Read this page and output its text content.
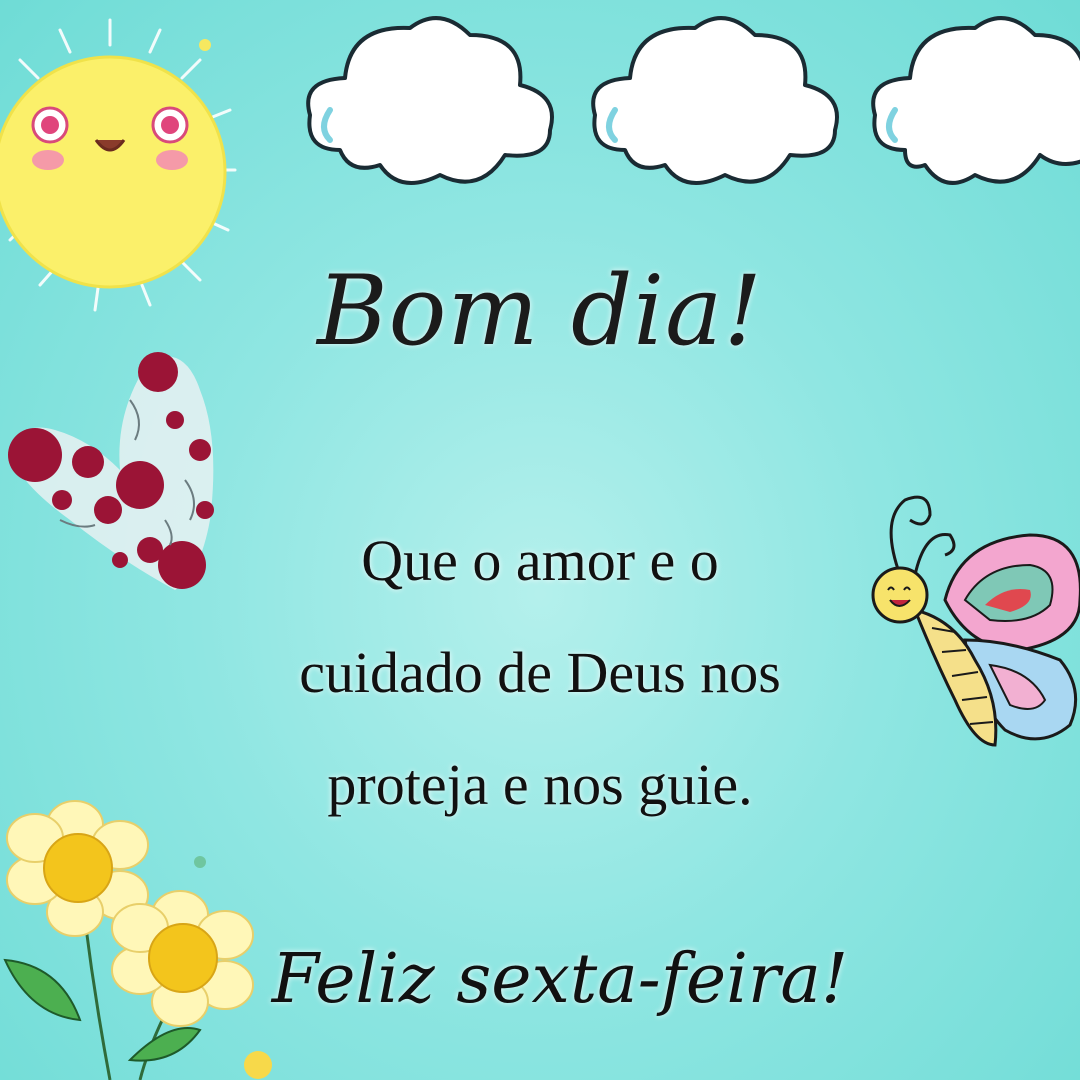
Bom dia!
Que o amor e o
cuidado de Deus nos
proteja e nos guie.
Feliz sexta-feira!
